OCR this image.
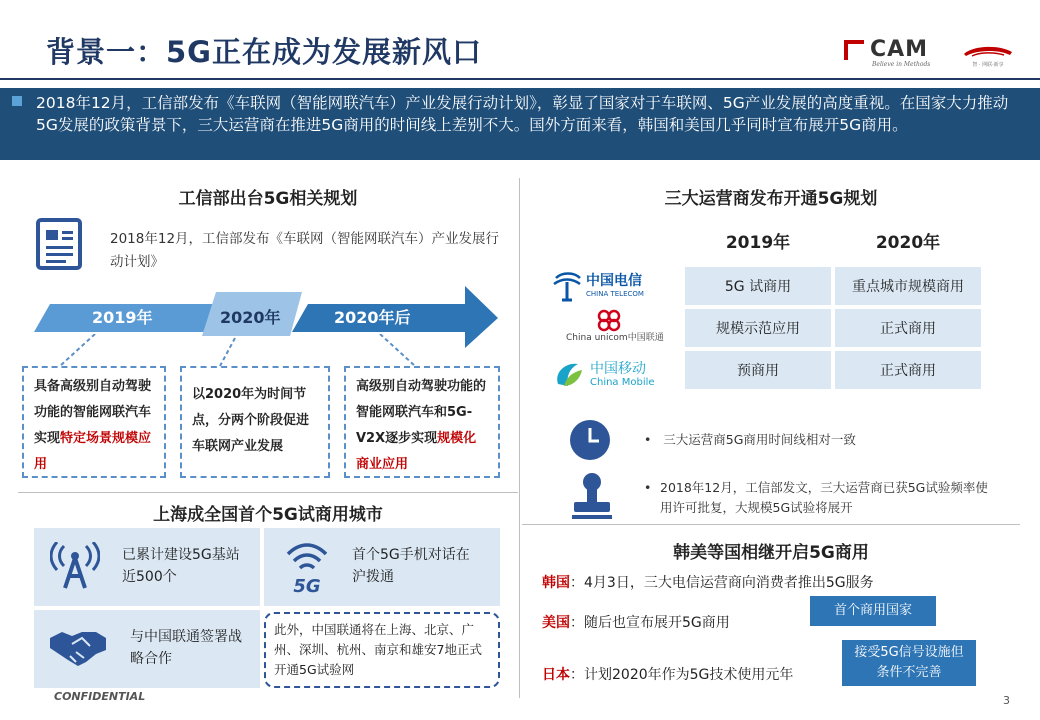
背景一：5G正在成为发展新风口	CAM
Believe in Methods	智 · 网联·新享
2018年12月，工信部发布《车联网（智能网联汽车）产业发展行动计划》，彰显了国家对于车联网、5G产业发展的高度重视。在国家大力推动5G发展的政策背景下，三大运营商在推进5G商用的时间线上差别不大。国外方面来看，韩国和美国几乎同时宣布展开5G商用。
工信部出台5G相关规划
2018年12月，工信部发布《车联网（智能网联汽车）产业发展行动计划》
2019年	2020年	2020年后
具备高级别自动驾驶功能的智能网联汽车实现特定场景规模应用
以2020年为时间节点，分两个阶段促进车联网产业发展
高级别自动驾驶功能的智能网联汽车和5G-V2X逐步实现规模化商业应用
三大运营商发布开通5G规划
2019年	2020年
中国电信
CHINA TELECOM
China unicom中国联通
中国移动
China Mobile
5G 试商用	重点城市规模商用
规模示范应用	正式商用
预商用	正式商用
•   三大运营商5G商用时间线相对一致
• 2018年12月，工信部发文，三大运营商已获5G试验频率使用许可批复，大规模5G试验将展开
上海成全国首个5G试商用城市
已累计建设5G基站近500个	5G
首个5G手机对话在沪拨通
与中国联通签署战略合作
此外，中国联通将在上海、北京、广州、深圳、杭州、南京和雄安7地正式开通5G试验网
韩美等国相继开启5G商用
韩国：4月3日，三大电信运营商向消费者推出5G服务
首个商用国家
美国：随后也宣布展开5G商用
日本：计划2020年作为5G技术使用元年
接受5G信号设施但条件不完善
CONFIDENTIAL	3
